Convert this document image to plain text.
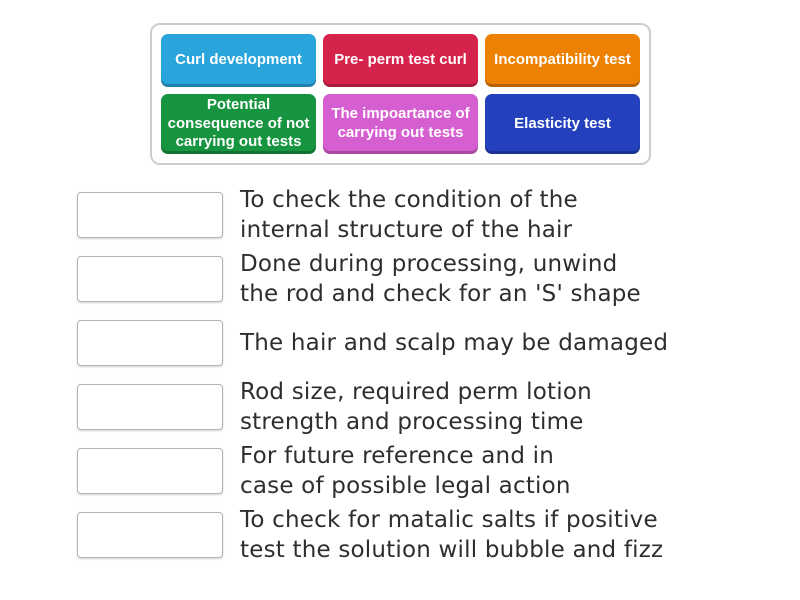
Curl development Pre- perm test curl Incompatibility test
Potential consequence of not carrying out tests
The impoartance of carrying out tests
Elasticity test
To check the condition of the
internal structure of the hair
Done during processing, unwind
the rod and check for an 'S' shape
The hair and scalp may be damaged
Rod size, required perm lotion
strength and processing time
For future reference and in
case of possible legal action
To check for matalic salts if positive
test the solution will bubble and fizz
